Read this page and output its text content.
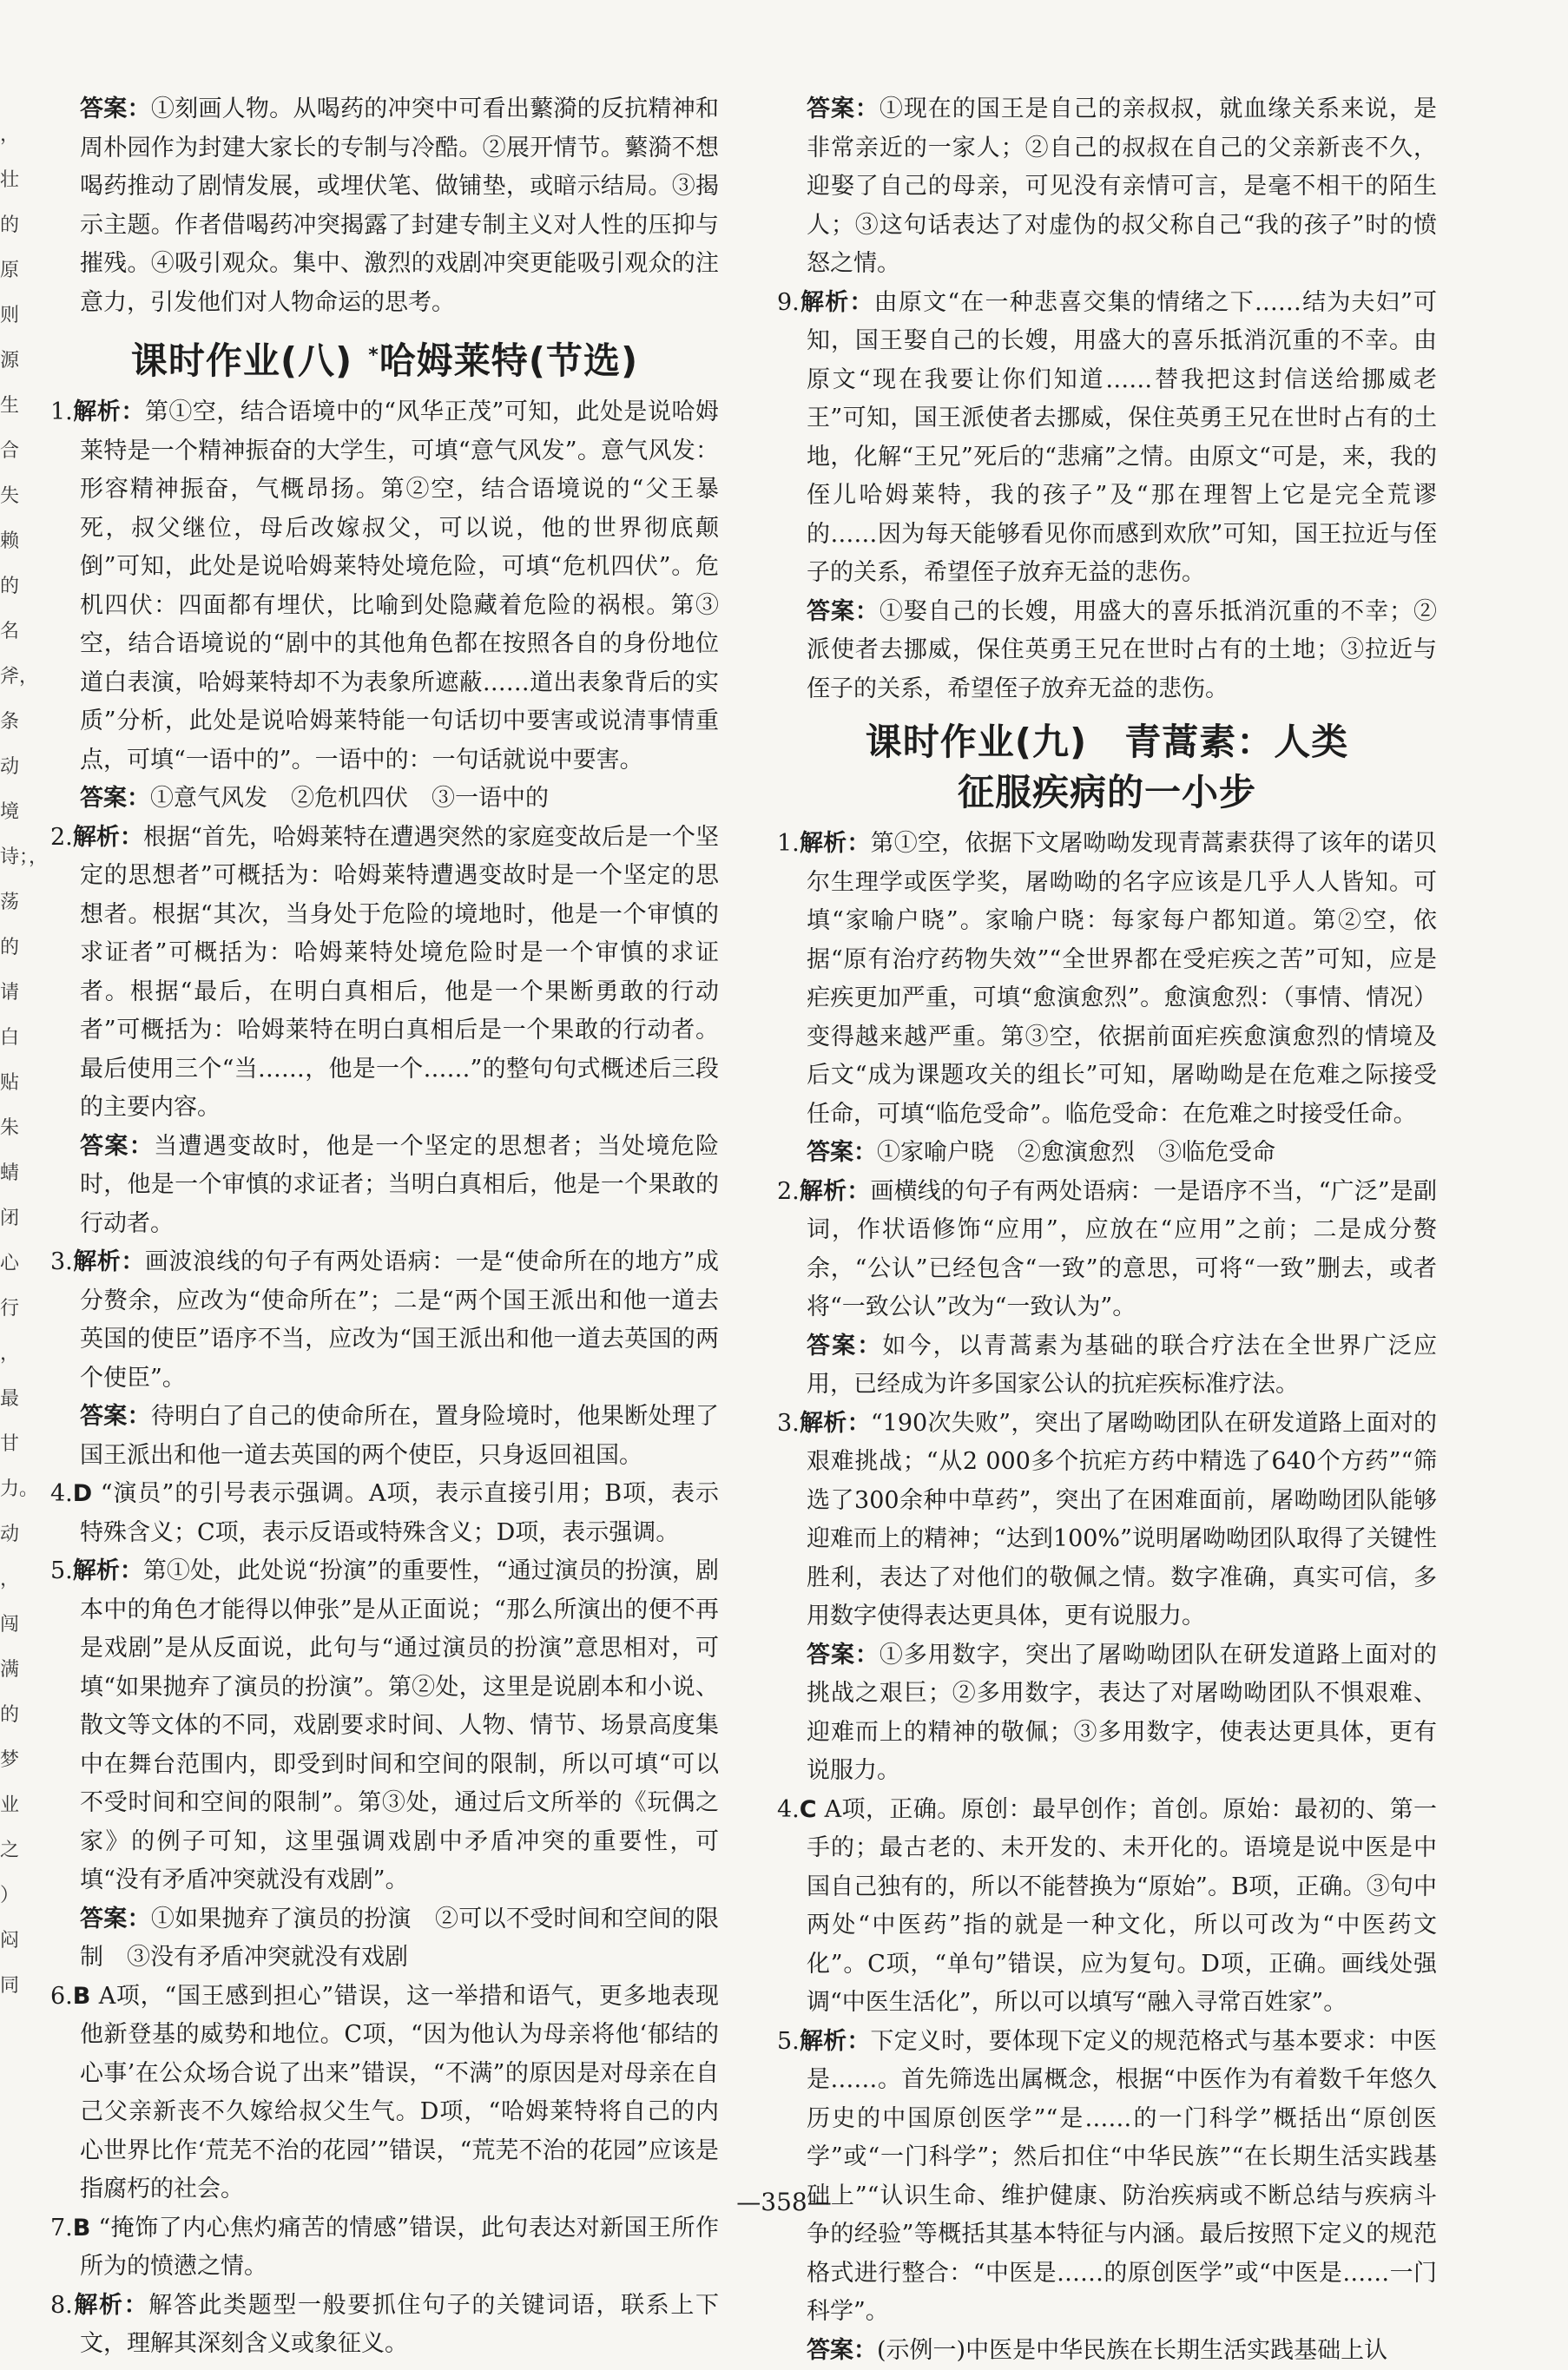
，壮的原则 源 生合失赖的名斧，条动境 诗；， 荡 的请白贴朱蜻闭 心行 ，最甘力。 动 ，闯满的梦 业之 ）闷同

答案：①刻画人物。从喝药的冲突中可看出蘩漪的反抗精神和周朴园作为封建大家长的专制与冷酷。②展开情节。蘩漪不想喝药推动了剧情发展，或埋伏笔、做铺垫，或暗示结局。③揭示主题。作者借喝药冲突揭露了封建专制主义对人性的压抑与摧残。④吸引观众。集中、激烈的戏剧冲突更能吸引观众的注意力，引发他们对人物命运的思考。

课时作业(八) *哈姆莱特(节选)

1.解析：第①空，结合语境中的“风华正茂”可知，此处是说哈姆莱特是一个精神振奋的大学生，可填“意气风发”。意气风发：形容精神振奋，气概昂扬。第②空，结合语境说的“父王暴死，叔父继位，母后改嫁叔父，可以说，他的世界彻底颠倒”可知，此处是说哈姆莱特处境危险，可填“危机四伏”。危机四伏：四面都有埋伏，比喻到处隐藏着危险的祸根。第③空，结合语境说的“剧中的其他角色都在按照各自的身份地位道白表演，哈姆莱特却不为表象所遮蔽……道出表象背后的实质”分析，此处是说哈姆莱特能一句话切中要害或说清事情重点，可填“一语中的”。一语中的：一句话就说中要害。

答案：①意气风发　②危机四伏　③一语中的

2.解析：根据“首先，哈姆莱特在遭遇突然的家庭变故后是一个坚定的思想者”可概括为：哈姆莱特遭遇变故时是一个坚定的思想者。根据“其次，当身处于危险的境地时，他是一个审慎的求证者”可概括为：哈姆莱特处境危险时是一个审慎的求证者。根据“最后，在明白真相后，他是一个果断勇敢的行动者”可概括为：哈姆莱特在明白真相后是一个果敢的行动者。最后使用三个“当……，他是一个……”的整句句式概述后三段的主要内容。

答案：当遭遇变故时，他是一个坚定的思想者；当处境危险时，他是一个审慎的求证者；当明白真相后，他是一个果敢的行动者。

3.解析：画波浪线的句子有两处语病：一是“使命所在的地方”成分赘余，应改为“使命所在”；二是“两个国王派出和他一道去英国的使臣”语序不当，应改为“国王派出和他一道去英国的两个使臣”。

答案：待明白了自己的使命所在，置身险境时，他果断处理了国王派出和他一道去英国的两个使臣，只身返回祖国。

4.D “演员”的引号表示强调。A项，表示直接引用；B项，表示特殊含义；C项，表示反语或特殊含义；D项，表示强调。

5.解析：第①处，此处说“扮演”的重要性，“通过演员的扮演，剧本中的角色才能得以伸张”是从正面说；“那么所演出的便不再是戏剧”是从反面说，此句与“通过演员的扮演”意思相对，可填“如果抛弃了演员的扮演”。第②处，这里是说剧本和小说、散文等文体的不同，戏剧要求时间、人物、情节、场景高度集中在舞台范围内，即受到时间和空间的限制，所以可填“可以不受时间和空间的限制”。第③处，通过后文所举的《玩偶之家》的例子可知，这里强调戏剧中矛盾冲突的重要性，可填“没有矛盾冲突就没有戏剧”。

答案：①如果抛弃了演员的扮演　②可以不受时间和空间的限制　③没有矛盾冲突就没有戏剧

6.B A项，“国王感到担心”错误，这一举措和语气，更多地表现他新登基的威势和地位。C项，“因为他认为母亲将他‘郁结的心事’在公众场合说了出来”错误，“不满”的原因是对母亲在自己父亲新丧不久嫁给叔父生气。D项，“哈姆莱特将自己的内心世界比作‘荒芜不治的花园’”错误，“荒芜不治的花园”应该是指腐朽的社会。

7.B “掩饰了内心焦灼痛苦的情感”错误，此句表达对新国王所作所为的愤懑之情。

8.解析：解答此类题型一般要抓住句子的关键词语，联系上下文，理解其深刻含义或象征义。

答案：①现在的国王是自己的亲叔叔，就血缘关系来说，是非常亲近的一家人；②自己的叔叔在自己的父亲新丧不久，迎娶了自己的母亲，可见没有亲情可言，是毫不相干的陌生人；③这句话表达了对虚伪的叔父称自己“我的孩子”时的愤怒之情。

9.解析：由原文“在一种悲喜交集的情绪之下……结为夫妇”可知，国王娶自己的长嫂，用盛大的喜乐抵消沉重的不幸。由原文“现在我要让你们知道……替我把这封信送给挪威老王”可知，国王派使者去挪威，保住英勇王兄在世时占有的土地，化解“王兄”死后的“悲痛”之情。由原文“可是，来，我的侄儿哈姆莱特，我的孩子”及“那在理智上它是完全荒谬的……因为每天能够看见你而感到欢欣”可知，国王拉近与侄子的关系，希望侄子放弃无益的悲伤。

答案：①娶自己的长嫂，用盛大的喜乐抵消沉重的不幸；②派使者去挪威，保住英勇王兄在世时占有的土地；③拉近与侄子的关系，希望侄子放弃无益的悲伤。

课时作业(九)　青蒿素：人类
征服疾病的一小步

1.解析：第①空，依据下文屠呦呦发现青蒿素获得了该年的诺贝尔生理学或医学奖，屠呦呦的名字应该是几乎人人皆知。可填“家喻户晓”。家喻户晓：每家每户都知道。第②空，依据“原有治疗药物失效”“全世界都在受疟疾之苦”可知，应是疟疾更加严重，可填“愈演愈烈”。愈演愈烈：（事情、情况）变得越来越严重。第③空，依据前面疟疾愈演愈烈的情境及后文“成为课题攻关的组长”可知，屠呦呦是在危难之际接受任命，可填“临危受命”。临危受命：在危难之时接受任命。

答案：①家喻户晓　②愈演愈烈　③临危受命

2.解析：画横线的句子有两处语病：一是语序不当，“广泛”是副词，作状语修饰“应用”，应放在“应用”之前；二是成分赘余，“公认”已经包含“一致”的意思，可将“一致”删去，或者将“一致公认”改为“一致认为”。

答案：如今，以青蒿素为基础的联合疗法在全世界广泛应用，已经成为许多国家公认的抗疟疾标准疗法。

3.解析：“190次失败”，突出了屠呦呦团队在研发道路上面对的艰难挑战；“从2 000多个抗疟方药中精选了640个方药”“筛选了300余种中草药”，突出了在困难面前，屠呦呦团队能够迎难而上的精神；“达到100%”说明屠呦呦团队取得了关键性胜利，表达了对他们的敬佩之情。数字准确，真实可信，多用数字使得表达更具体，更有说服力。

答案：①多用数字，突出了屠呦呦团队在研发道路上面对的挑战之艰巨；②多用数字，表达了对屠呦呦团队不惧艰难、迎难而上的精神的敬佩；③多用数字，使表达更具体，更有说服力。

4.C A项，正确。原创：最早创作；首创。原始：最初的、第一手的；最古老的、未开发的、未开化的。语境是说中医是中国自己独有的，所以不能替换为“原始”。B项，正确。③句中两处“中医药”指的就是一种文化，所以可改为“中医药文化”。C项，“单句”错误，应为复句。D项，正确。画线处强调“中医生活化”，所以可以填写“融入寻常百姓家”。

5.解析：下定义时，要体现下定义的规范格式与基本要求：中医是……。首先筛选出属概念，根据“中医作为有着数千年悠久历史的中国原创医学”“是……的一门科学”概括出“原创医学”或“一门科学”；然后扣住“中华民族”“在长期生活实践基础上”“认识生命、维护健康、防治疾病或不断总结与疾病斗争的经验”等概括其基本特征与内涵。最后按照下定义的规范格式进行整合：“中医是……的原创医学”或“中医是……一门科学”。

答案：(示例一)中医是中华民族在长期生活实践基础上认

—358—
